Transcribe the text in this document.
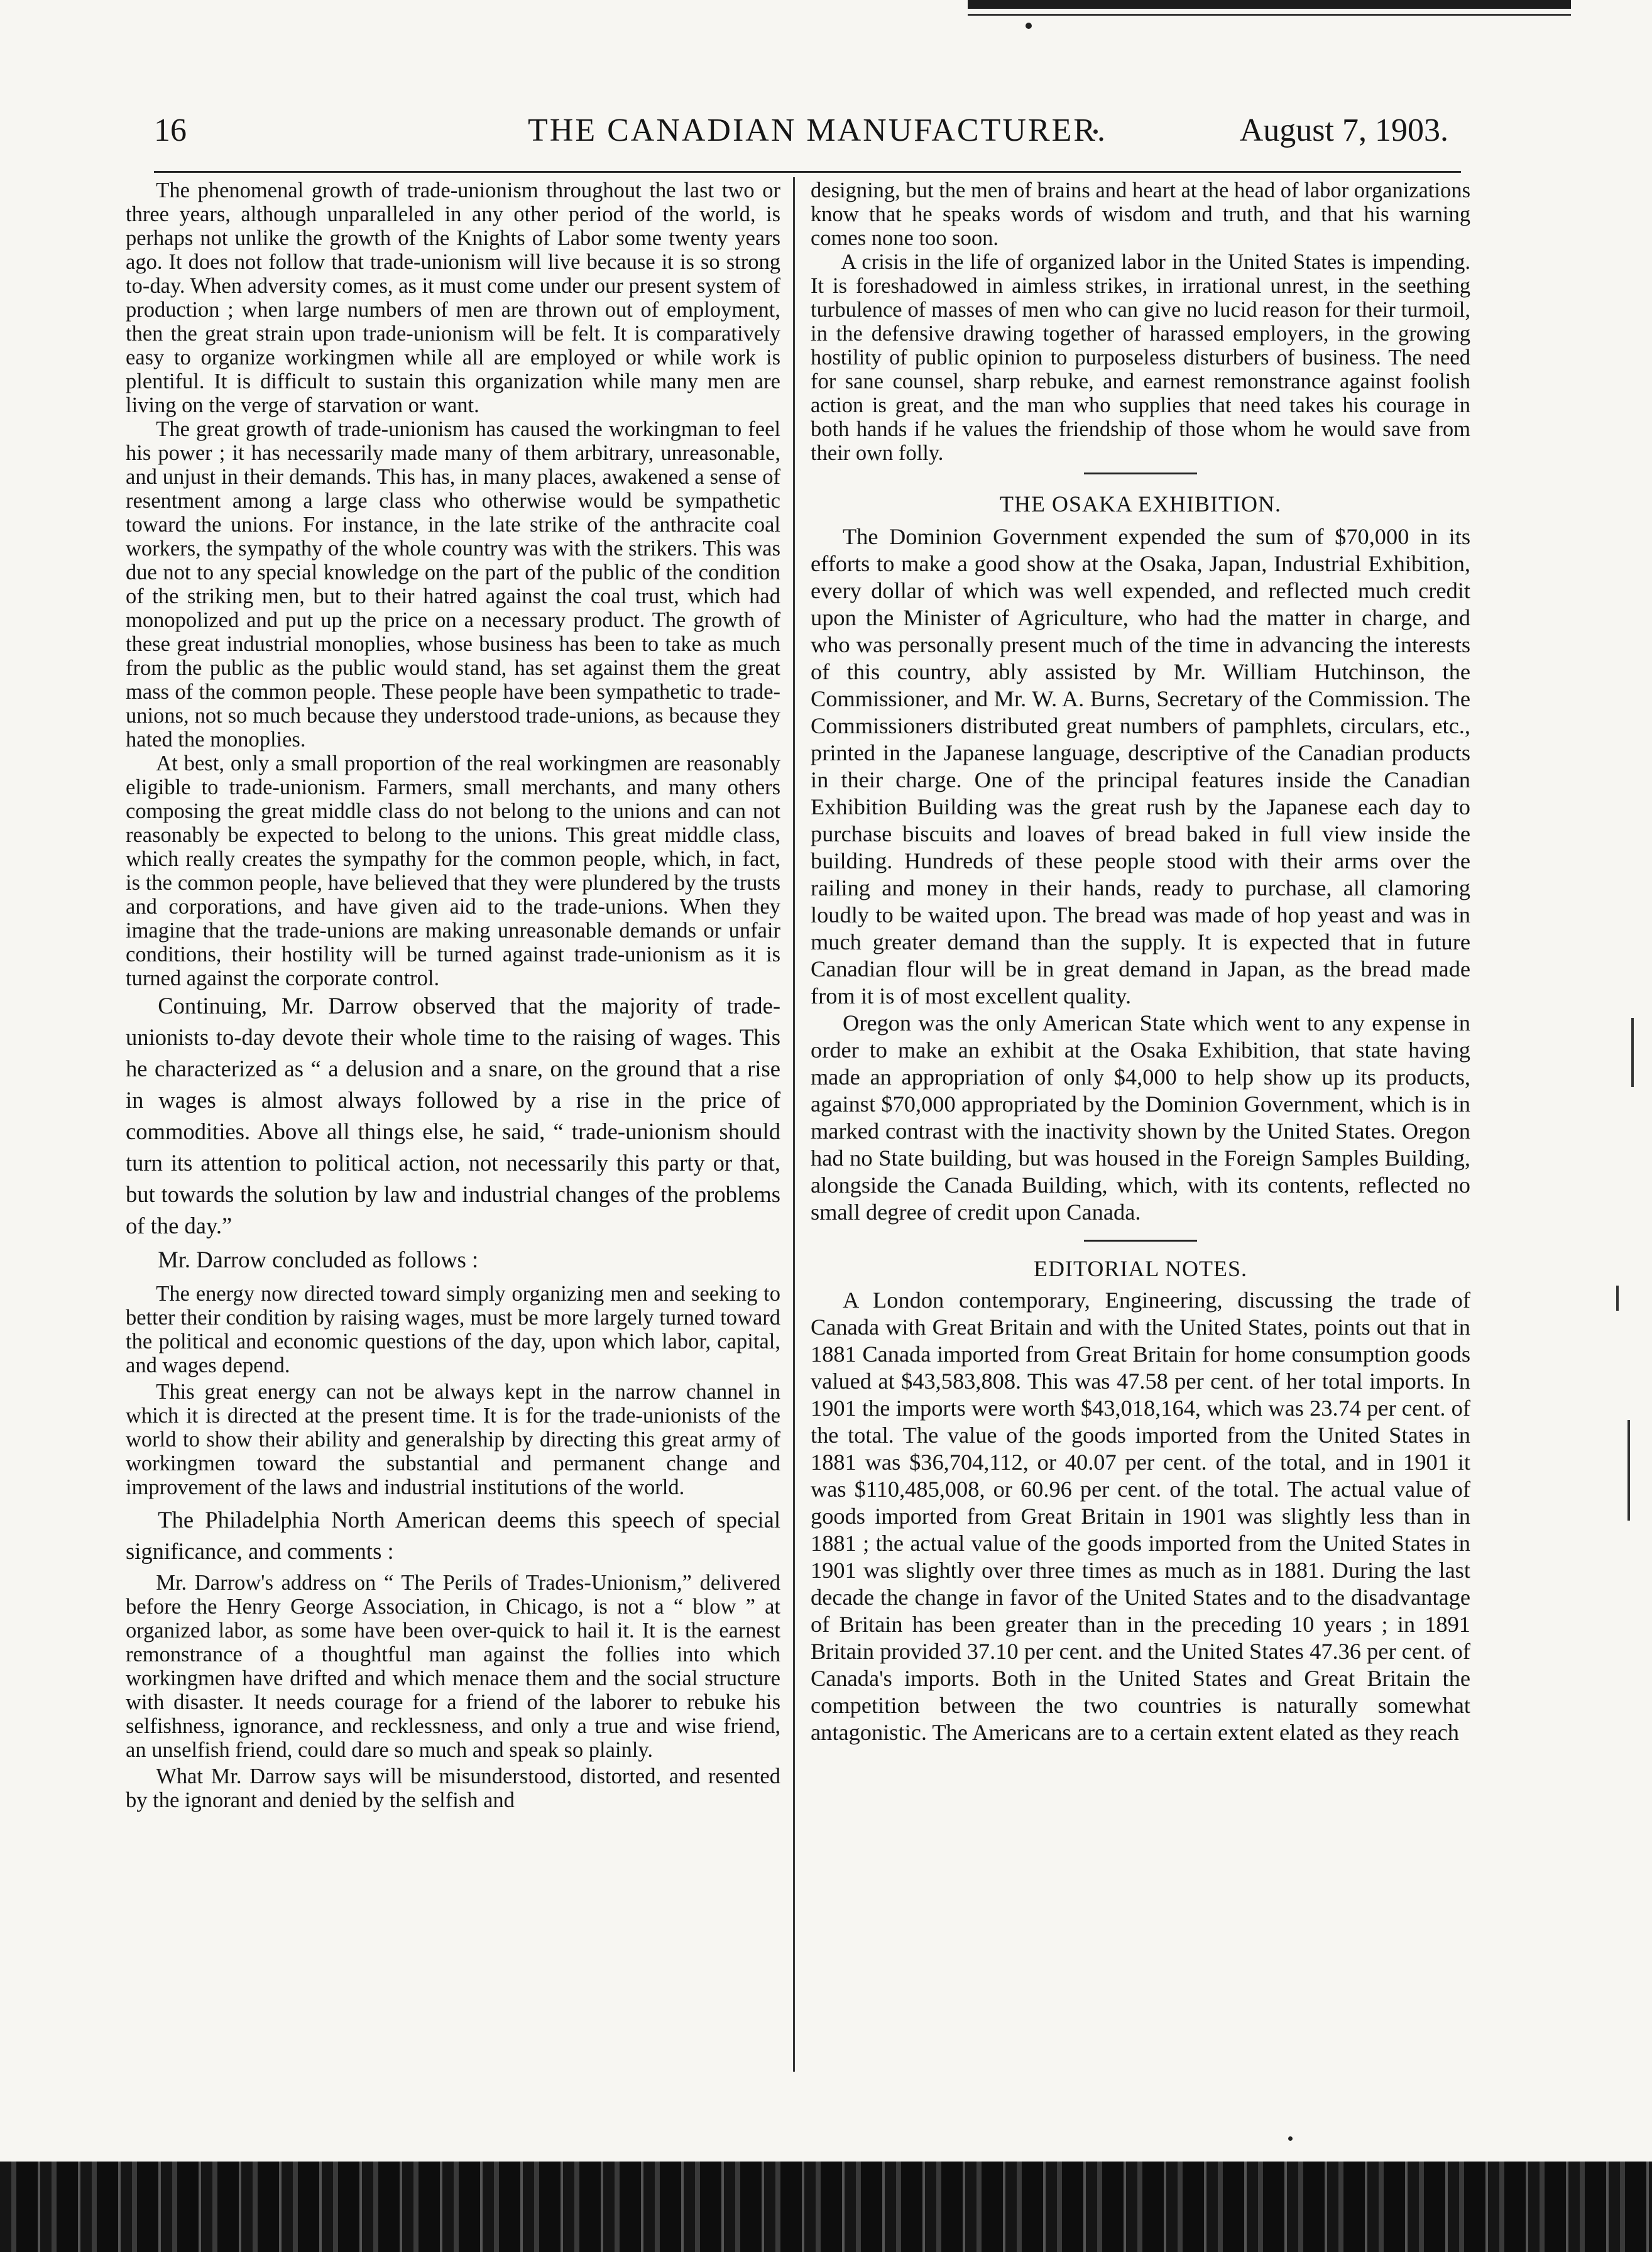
16	THE CANADIAN MANUFACTURER.	August 7, 1903.

The phenomenal growth of trade-unionism throughout the last two or three years, although unparalleled in any other period of the world, is perhaps not unlike the growth of the Knights of Labor some twenty years ago. It does not follow that trade-unionism will live because it is so strong to-day. When adversity comes, as it must come under our present system of production ; when large numbers of men are thrown out of employment, then the great strain upon trade-unionism will be felt. It is comparatively easy to organize workingmen while all are employed or while work is plentiful. It is difficult to sustain this organization while many men are living on the verge of starvation or want.

The great growth of trade-unionism has caused the workingman to feel his power ; it has necessarily made many of them arbitrary, unreasonable, and unjust in their demands. This has, in many places, awakened a sense of resentment among a large class who otherwise would be sympathetic toward the unions. For instance, in the late strike of the anthracite coal workers, the sympathy of the whole country was with the strikers. This was due not to any special knowledge on the part of the public of the condition of the striking men, but to their hatred against the coal trust, which had monopolized and put up the price on a necessary product. The growth of these great industrial monoplies, whose business has been to take as much from the public as the public would stand, has set against them the great mass of the common people. These people have been sympathetic to trade-unions, not so much because they understood trade-unions, as because they hated the monoplies.

At best, only a small proportion of the real workingmen are reasonably eligible to trade-unionism. Farmers, small merchants, and many others composing the great middle class do not belong to the unions and can not reasonably be expected to belong to the unions. This great middle class, which really creates the sympathy for the common people, which, in fact, is the common people, have believed that they were plundered by the trusts and corporations, and have given aid to the trade-unions. When they imagine that the trade-unions are making unreasonable demands or unfair conditions, their hostility will be turned against trade-unionism as it is turned against the corporate control.

Continuing, Mr. Darrow observed that the majority of trade-unionists to-day devote their whole time to the raising of wages. This he characterized as “ a delusion and a snare, on the ground that a rise in wages is almost always followed by a rise in the price of commodities. Above all things else, he said, “ trade-unionism should turn its attention to political action, not necessarily this party or that, but towards the solution by law and industrial changes of the problems of the day.”

Mr. Darrow concluded as follows :

The energy now directed toward simply organizing men and seeking to better their condition by raising wages, must be more largely turned toward the political and economic questions of the day, upon which labor, capital, and wages depend.

This great energy can not be always kept in the narrow channel in which it is directed at the present time. It is for the trade-unionists of the world to show their ability and generalship by directing this great army of workingmen toward the substantial and permanent change and improvement of the laws and industrial institutions of the world.

The Philadelphia North American deems this speech of special significance, and comments :

Mr. Darrow's address on “ The Perils of Trades-Unionism,” delivered before the Henry George Association, in Chicago, is not a “ blow ” at organized labor, as some have been over-quick to hail it. It is the earnest remonstrance of a thoughtful man against the follies into which workingmen have drifted and which menace them and the social structure with disaster. It needs courage for a friend of the laborer to rebuke his selfishness, ignorance, and recklessness, and only a true and wise friend, an unselfish friend, could dare so much and speak so plainly.

What Mr. Darrow says will be misunderstood, distorted, and resented by the ignorant and denied by the selfish and

designing, but the men of brains and heart at the head of labor organizations know that he speaks words of wisdom and truth, and that his warning comes none too soon.

A crisis in the life of organized labor in the United States is impending. It is foreshadowed in aimless strikes, in irrational unrest, in the seething turbulence of masses of men who can give no lucid reason for their turmoil, in the defensive drawing together of harassed employers, in the growing hostility of public opinion to purposeless disturbers of business. The need for sane counsel, sharp rebuke, and earnest remonstrance against foolish action is great, and the man who supplies that need takes his courage in both hands if he values the friendship of those whom he would save from their own folly.

THE OSAKA EXHIBITION.

The Dominion Government expended the sum of $70,000 in its efforts to make a good show at the Osaka, Japan, Industrial Exhibition, every dollar of which was well expended, and reflected much credit upon the Minister of Agriculture, who had the matter in charge, and who was personally present much of the time in advancing the interests of this country, ably assisted by Mr. William Hutchinson, the Commissioner, and Mr. W. A. Burns, Secretary of the Commission. The Commissioners distributed great numbers of pamphlets, circulars, etc., printed in the Japanese language, descriptive of the Canadian products in their charge. One of the principal features inside the Canadian Exhibition Building was the great rush by the Japanese each day to purchase biscuits and loaves of bread baked in full view inside the building. Hundreds of these people stood with their arms over the railing and money in their hands, ready to purchase, all clamoring loudly to be waited upon. The bread was made of hop yeast and was in much greater demand than the supply. It is expected that in future Canadian flour will be in great demand in Japan, as the bread made from it is of most excellent quality.

Oregon was the only American State which went to any expense in order to make an exhibit at the Osaka Exhibition, that state having made an appropriation of only $4,000 to help show up its products, against $70,000 appropriated by the Dominion Government, which is in marked contrast with the inactivity shown by the United States. Oregon had no State building, but was housed in the Foreign Samples Building, alongside the Canada Building, which, with its contents, reflected no small degree of credit upon Canada.

EDITORIAL NOTES.

A London contemporary, Engineering, discussing the trade of Canada with Great Britain and with the United States, points out that in 1881 Canada imported from Great Britain for home consumption goods valued at $43,583,808. This was 47.58 per cent. of her total imports. In 1901 the imports were worth $43,018,164, which was 23.74 per cent. of the total. The value of the goods imported from the United States in 1881 was $36,704,112, or 40.07 per cent. of the total, and in 1901 it was $110,485,008, or 60.96 per cent. of the total. The actual value of goods imported from Great Britain in 1901 was slightly less than in 1881 ; the actual value of the goods imported from the United States in 1901 was slightly over three times as much as in 1881. During the last decade the change in favor of the United States and to the disadvantage of Britain has been greater than in the preceding 10 years ; in 1891 Britain provided 37.10 per cent. and the United States 47.36 per cent. of Canada's imports. Both in the United States and Great Britain the competition between the two countries is naturally somewhat antagonistic. The Americans are to a certain extent elated as they reach
